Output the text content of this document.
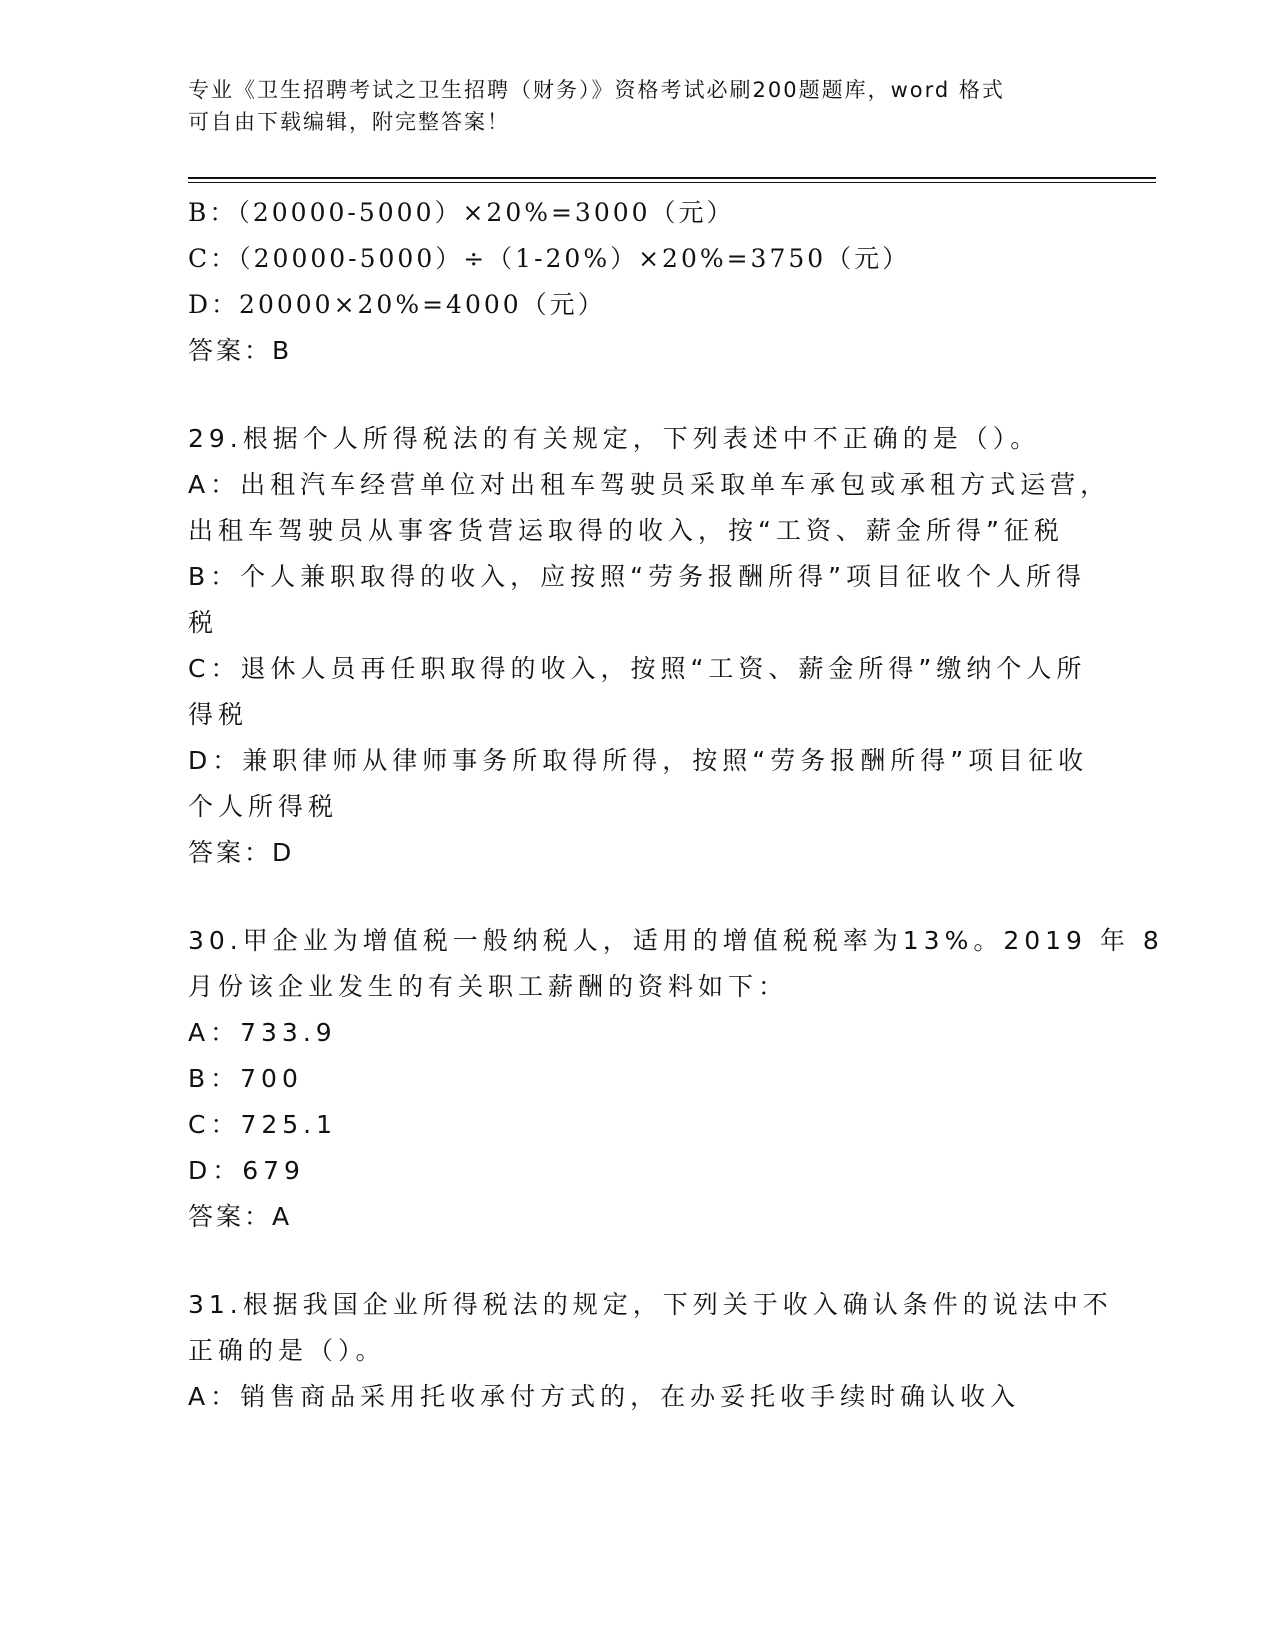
专业《卫生招聘考试之卫生招聘（财务）》资格考试必刷200题题库，word 格式
可自由下载编辑，附完整答案！
B：（20000-5000）×20%=3000（元）
C：（20000-5000）÷（1-20%）×20%=3750（元）
D：20000×20%=4000（元）
答案：B
29.根据个人所得税法的有关规定，下列表述中不正确的是（）。
A：出租汽车经营单位对出租车驾驶员采取单车承包或承租方式运营，
出租车驾驶员从事客货营运取得的收入，按“工资、薪金所得”征税
B：个人兼职取得的收入，应按照“劳务报酬所得”项目征收个人所得
税
C：退休人员再任职取得的收入，按照“工资、薪金所得”缴纳个人所
得税
D：兼职律师从律师事务所取得所得，按照“劳务报酬所得”项目征收
个人所得税
答案：D
30.甲企业为增值税一般纳税人，适用的增值税税率为13%。2019 年 8
月份该企业发生的有关职工薪酬的资料如下：
A：733.9
B：700
C：725.1
D：679
答案：A
31.根据我国企业所得税法的规定，下列关于收入确认条件的说法中不
正确的是（）。
A：销售商品采用托收承付方式的，在办妥托收手续时确认收入
